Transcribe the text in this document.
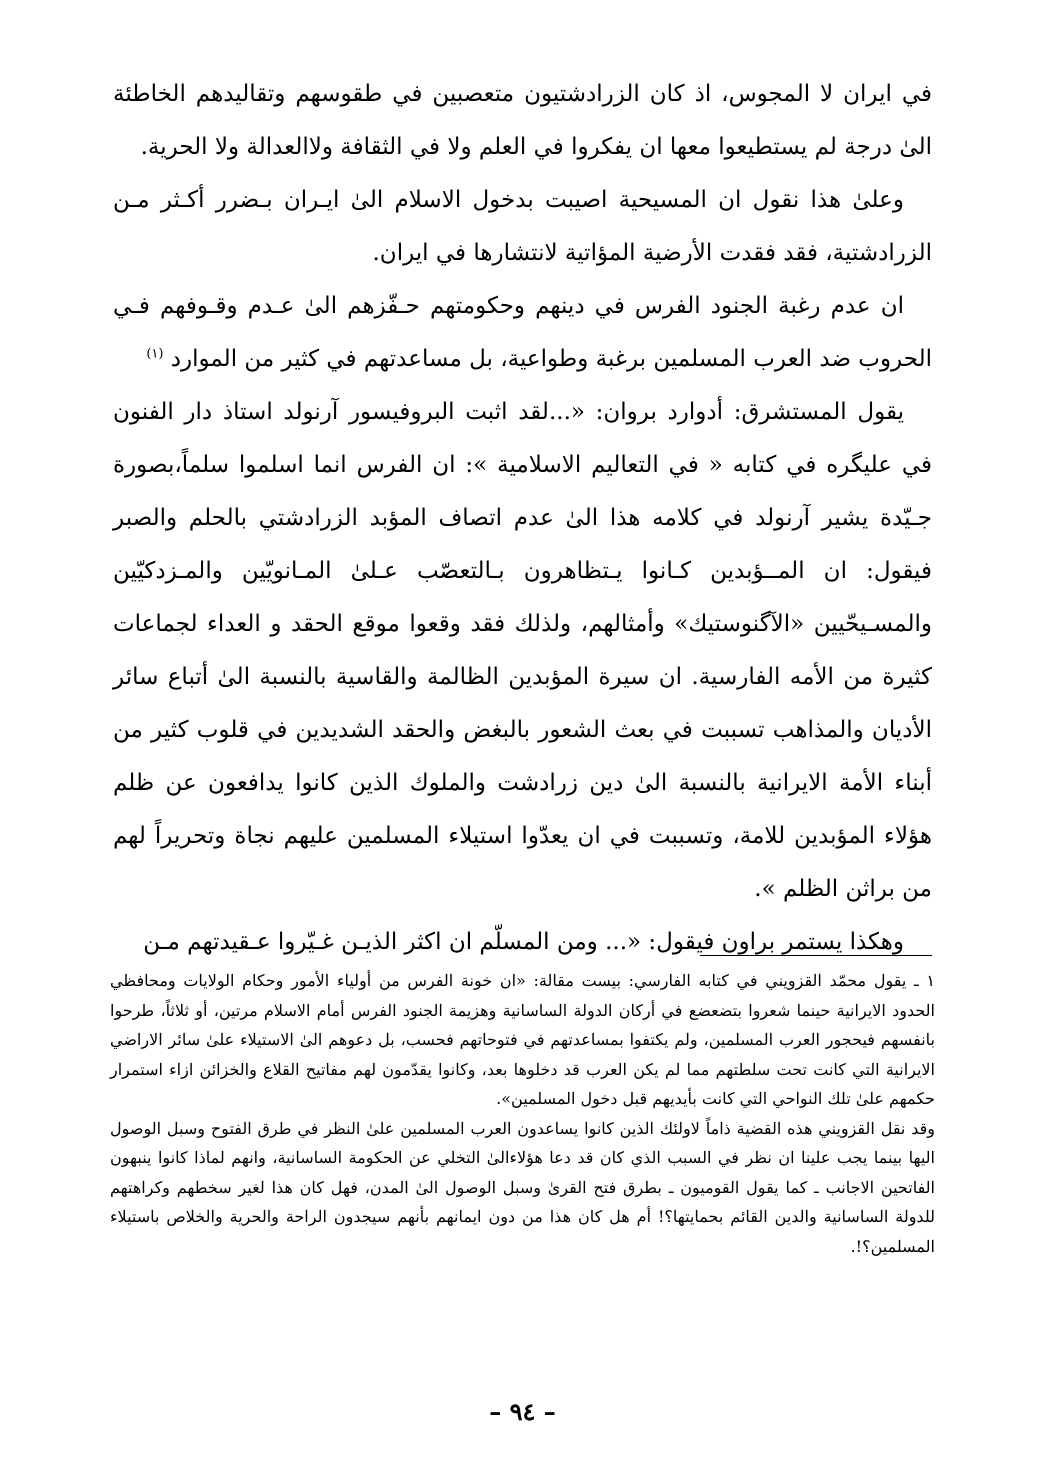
في ايران لا المجوس، اذ كان الزرادشتيون متعصبين في طقوسهم وتقاليدهم الخاطئة الىٰ درجة لم يستطيعوا معها ان يفكروا في العلم ولا في الثقافة ولاالعدالة ولا الحرية.

وعلىٰ هذا نقول ان المسيحية اصيبت بدخول الاسلام الىٰ ايـران بـضرر أكـثر مـن الزرادشتية، فقد فقدت الأرضية المؤاتية لانتشارها في ايران.

ان عدم رغبة الجنود الفرس في دينهم وحكومتهم حـفّزهم الىٰ عـدم وقـوفهم فـي الحروب ضد العرب المسلمين برغبة وطواعية، بل مساعدتهم في كثير من الموارد $^{(١)}$

يقول المستشرق: أدوارد بروان: «...لقد اثبت البروفيسور آرنولد استاذ دار الفنون في عليگره في كتابه « في التعاليم الاسلامية »: ان الفرس انما اسلموا سلماً،بصورة جـيّدة يشير آرنولد في كلامه هذا الىٰ عدم اتصاف المؤبد الزرادشتي بالحلم والصبر فيقول: ان المــؤبدين كـانوا يـتظاهرون بـالتعصّب عـلىٰ المـانويّين والمـزدكيّين والمسـيحّيين «الآگنوستيك» وأمثالهم، ولذلك فقد وقعوا موقع الحقد و العداء لجماعات كثيرة من الأمه الفارسية. ان سيرة المؤبدين الظالمة والقاسية بالنسبة الىٰ أتباع سائر الأديان والمذاهب تسببت في بعث الشعور بالبغض والحقد الشديدين في قلوب كثير من أبناء الأمة الايرانية بالنسبة الىٰ دين زرادشت والملوك الذين كانوا يدافعون عن ظلم هؤلاء المؤبدين للامة، وتسببت في ان يعدّوا استيلاء المسلمين عليهم نجاة وتحريراً لهم من براثن الظلم ».

وهكذا يستمر براون فيقول: «... ومن المسلّم ان اكثر الذيـن غـيّروا عـقيدتهم مـن

١ ـ يقول محمّد القزويني في كتابه الفارسي: بيست مقالة: «ان خونة الفرس من أولياء الأمور وحكام الولايات ومحافظي الحدود الايرانية حينما شعروا بتضعضع في أركان الدولة الساسانية وهزيمة الجنود الفرس أمام الاسلام مرتين، أو ثلاثاً، طرحوا بانفسهم فيحجور العرب المسلمين، ولم يكتفوا بمساعدتهم في فتوحاتهم فحسب، بل دعوهم الىٰ الاستيلاء علىٰ سائر الاراضي الايرانية التي كانت تحت سلطتهم مما لم يكن العرب قد دخلوها بعد، وكانوا يقدّمون لهم مفاتيح القلاع والخزائن ازاء استمرار حكمهم علىٰ تلك النواحي التي كانت بأيديهم قبل دخول المسلمين».

وقد نقل القزويني هذه القضية ذاماً لاولئك الذين كانوا يساعدون العرب المسلمين علىٰ النظر في طرق الفتوح وسبل الوصول اليها بينما يجب علينا ان نظر في السبب الذي كان قد دعا هؤلاءالىٰ التخلي عن الحكومة الساسانية، وانهم لماذا كانوا ينبهون الفاتحين الاجانب ـ كما يقول القوميون ـ بطرق فتح القرىٰ وسبل الوصول الىٰ المدن، فهل كان هذا لغير سخطهم وكراهتهم للدولة الساسانية والدين القائم بحمايتها؟! أم هل كان هذا من دون ايمانهم بأنهم سيجدون الراحة والحرية والخلاص باستيلاء المسلمين؟!.

– ٩٤ –
